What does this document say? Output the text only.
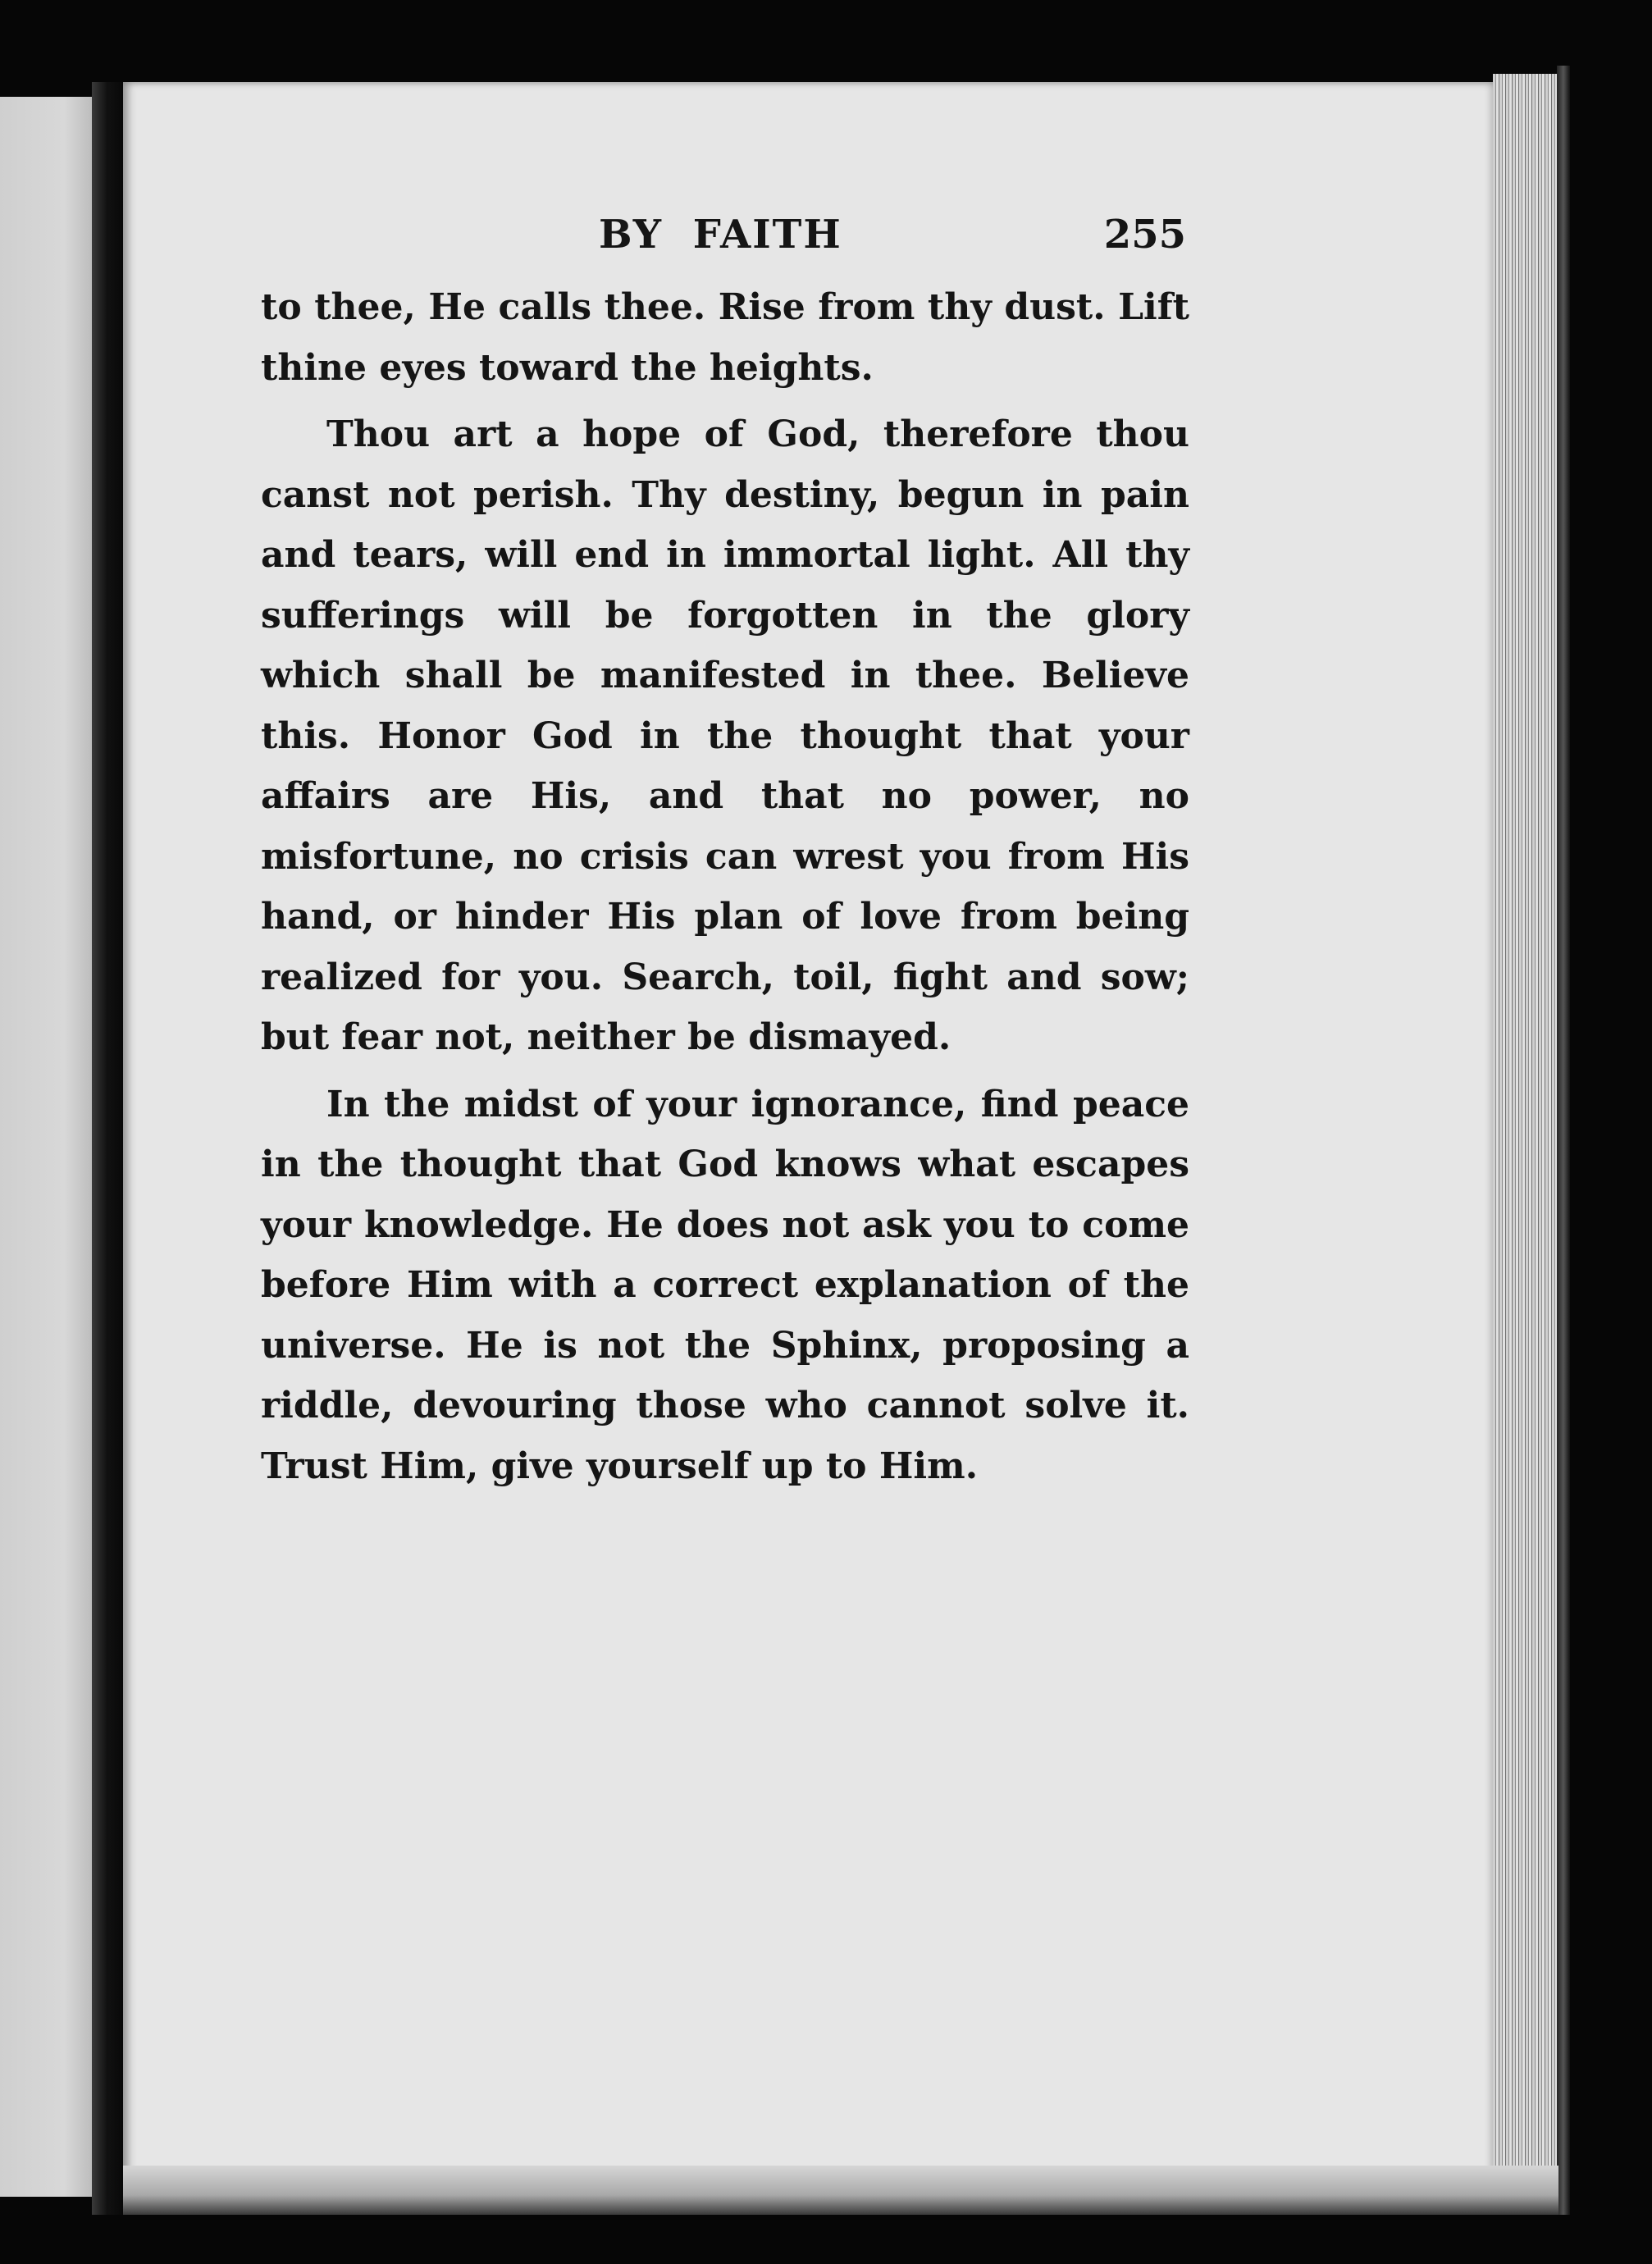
BY FAITH	255

to thee, He calls thee. Rise from thy dust. Lift thine eyes toward the heights.

Thou art a hope of God, therefore thou canst not perish. Thy destiny, begun in pain and tears, will end in immortal light. All thy sufferings will be forgotten in the glory which shall be manifested in thee. Believe this. Honor God in the thought that your affairs are His, and that no power, no misfortune, no crisis can wrest you from His hand, or hinder His plan of love from being realized for you. Search, toil, fight and sow; but fear not, neither be dismayed.

In the midst of your ignorance, find peace in the thought that God knows what escapes your knowledge. He does not ask you to come before Him with a correct explanation of the universe. He is not the Sphinx, proposing a riddle, devouring those who cannot solve it. Trust Him, give yourself up to Him.
